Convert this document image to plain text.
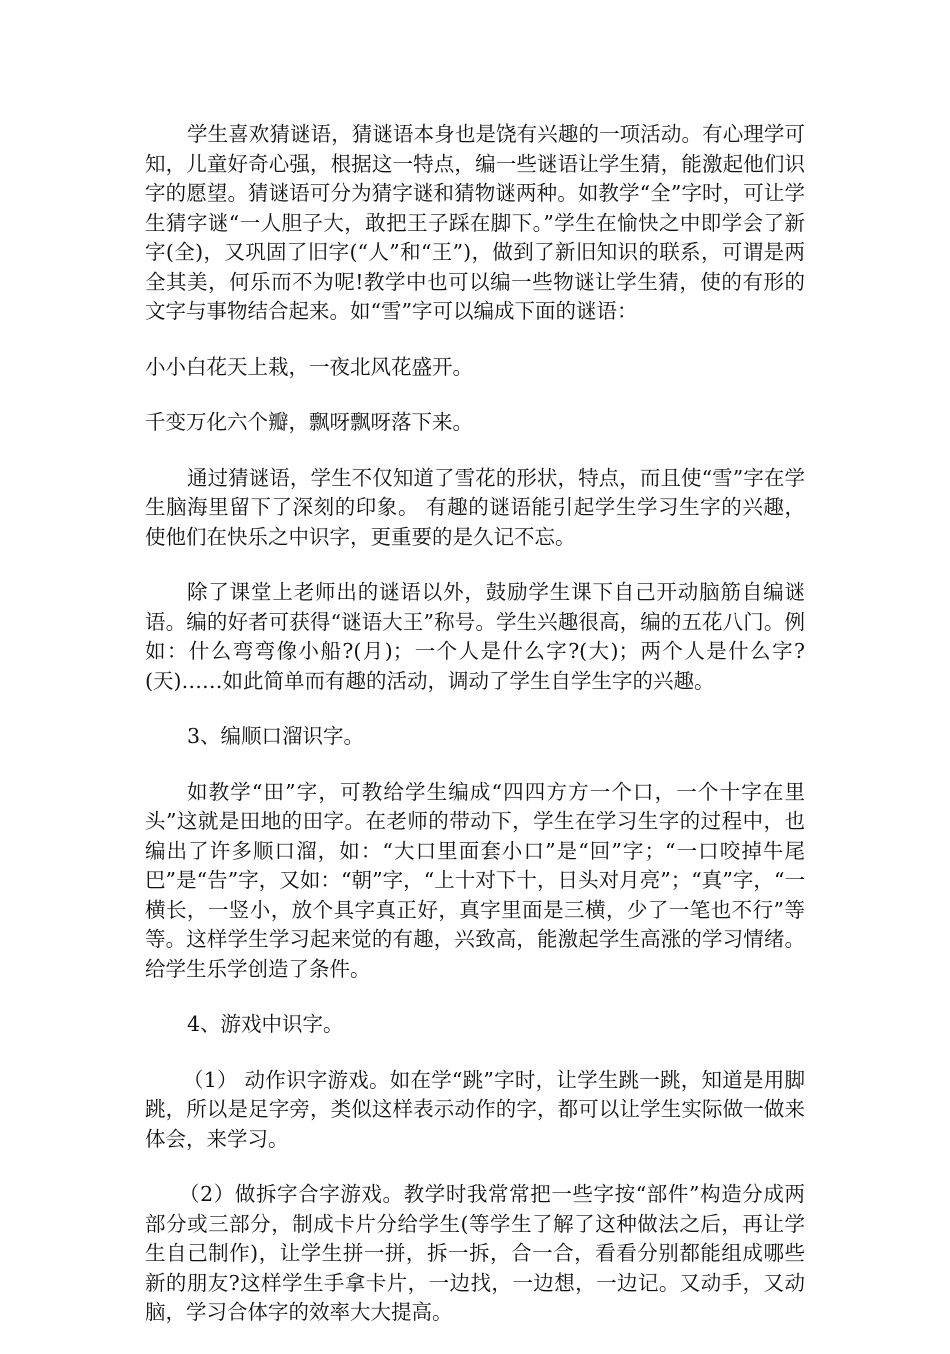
学生喜欢猜谜语，猜谜语本身也是饶有兴趣的一项活动。有心理学可知，儿童好奇心强，根据这一特点，编一些谜语让学生猜，能激起他们识字的愿望。猜谜语可分为猜字谜和猜物谜两种。如教学“全”字时，可让学生猜字谜“一人胆子大，敢把王子踩在脚下。”学生在愉快之中即学会了新字(全)，又巩固了旧字(“人”和“王”)，做到了新旧知识的联系，可谓是两全其美，何乐而不为呢!教学中也可以编一些物谜让学生猜，使的有形的文字与事物结合起来。如“雪”字可以编成下面的谜语：

小小白花天上栽，一夜北风花盛开。

千变万化六个瓣，飘呀飘呀落下来。

通过猜谜语，学生不仅知道了雪花的形状，特点，而且使“雪”字在学生脑海里留下了深刻的印象。 有趣的谜语能引起学生学习生字的兴趣，使他们在快乐之中识字，更重要的是久记不忘。

除了课堂上老师出的谜语以外，鼓励学生课下自己开动脑筋自编谜语。编的好者可获得“谜语大王”称号。学生兴趣很高，编的五花八门。例如：什么弯弯像小船?(月)；一个人是什么字?(大)；两个人是什么字?(天)……如此简单而有趣的活动，调动了学生自学生字的兴趣。

3、编顺口溜识字。

如教学“田”字，可教给学生编成“四四方方一个口，一个十字在里头”这就是田地的田字。在老师的带动下，学生在学习生字的过程中，也编出了许多顺口溜，如：“大口里面套小口”是“回”字；“一口咬掉牛尾巴”是“告”字，又如：“朝”字，“上十对下十，日头对月亮”；“真”字，“一横长，一竖小，放个具字真正好，真字里面是三横，少了一笔也不行”等等。这样学生学习起来觉的有趣，兴致高，能激起学生高涨的学习情绪。给学生乐学创造了条件。

4、游戏中识字。

（1） 动作识字游戏。如在学“跳”字时，让学生跳一跳，知道是用脚跳，所以是足字旁，类似这样表示动作的字，都可以让学生实际做一做来体会，来学习。

（2）做拆字合字游戏。教学时我常常把一些字按“部件”构造分成两部分或三部分，制成卡片分给学生(等学生了解了这种做法之后，再让学生自己制作)，让学生拼一拼，拆一拆，合一合，看看分别都能组成哪些新的朋友?这样学生手拿卡片，一边找，一边想，一边记。又动手，又动脑，学习合体字的效率大大提高。
